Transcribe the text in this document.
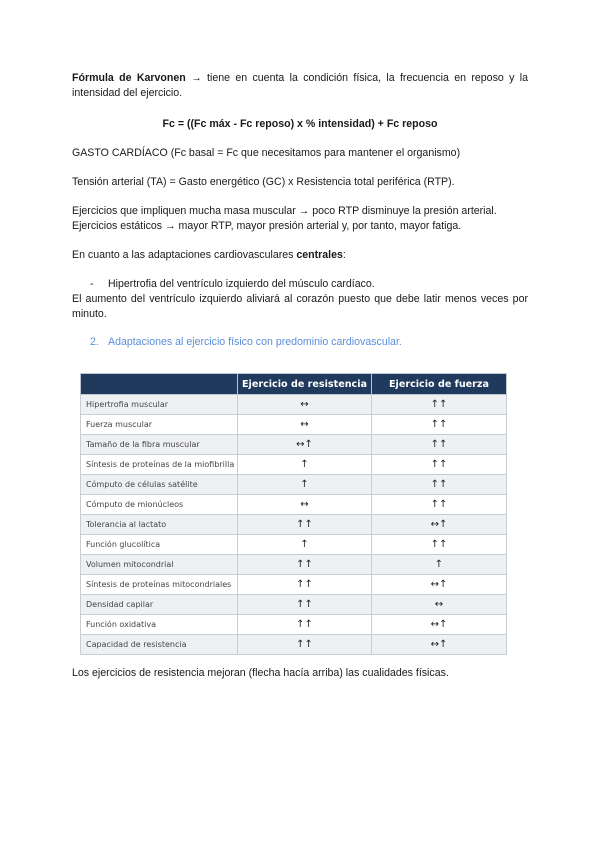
Fórmula de Karvonen → tiene en cuenta la condición física, la frecuencia en reposo y la intensidad del ejercicio.

Fc = ((Fc máx - Fc reposo) x % intensidad) + Fc reposo

GASTO CARDÍACO (Fc basal = Fc que necesitamos para mantener el organismo)

Tensión arterial (TA) = Gasto energético (GC) x Resistencia total periférica (RTP).

Ejercicios que impliquen mucha masa muscular → poco RTP disminuye la presión arterial.

Ejercicios estáticos → mayor RTP, mayor presión arterial y, por tanto, mayor fatiga.

En cuanto a las adaptaciones cardiovasculares centrales:

- Hipertrofia del ventrículo izquierdo del músculo cardíaco.

El aumento del ventrículo izquierdo aliviará al corazón puesto que debe latir menos veces por minuto.

2. Adaptaciones al ejercicio físico con predominio cardiovascular.

	Ejercicio de resistencia	Ejercicio de fuerza
Hipertrofia muscular	↔	↑↑
Fuerza muscular	↔	↑↑
Tamaño de la fibra muscular	↔↑	↑↑
Síntesis de proteínas de la miofibrilla	↑	↑↑
Cómputo de células satélite	↑	↑↑
Cómputo de mionúcleos	↔	↑↑
Tolerancia al lactato	↑↑	↔↑
Función glucolítica	↑	↑↑
Volumen mitocondrial	↑↑	↑
Síntesis de proteínas mitocondriales	↑↑	↔↑
Densidad capilar	↑↑	↔
Función oxidativa	↑↑	↔↑
Capacidad de resistencia	↑↑	↔↑

Los ejercicios de resistencia mejoran (flecha hacía arriba) las cualidades físicas.
